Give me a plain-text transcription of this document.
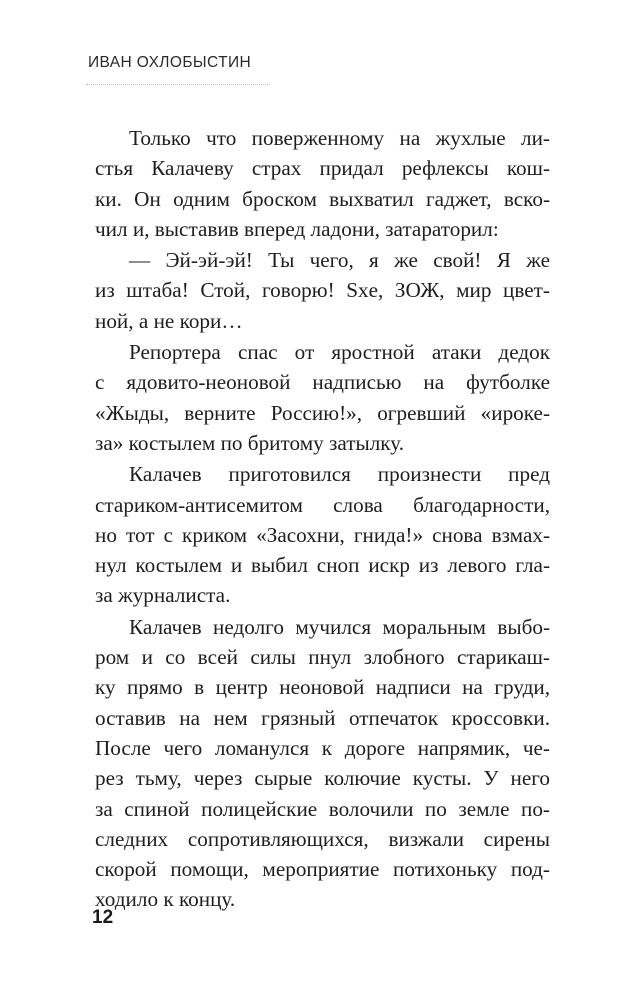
ИВАН ОХЛОБЫСТИН
Только что поверженному на жухлые ли-
стья Калачеву страх придал рефлексы кош-
ки. Он одним броском выхватил гаджет, вско-
чил и, выставив вперед ладони, затараторил:
— Эй-эй-эй! Ты чего, я же свой! Я же
из штаба! Стой, говорю! Sxe, ЗОЖ, мир цвет-
ной, а не кори…
Репортера спас от яростной атаки дедок
с ядовито-неоновой надписью на футболке
«Жыды, верните Россию!», огревший «ироке-
за» костылем по бритому затылку.
Калачев приготовился произнести пред
стариком-антисемитом слова благодарности,
но тот с криком «Засохни, гнида!» снова взмах-
нул костылем и выбил сноп искр из левого гла-
за журналиста.
Калачев недолго мучился моральным выбо-
ром и со всей силы пнул злобного старикаш-
ку прямо в центр неоновой надписи на груди,
оставив на нем грязный отпечаток кроссовки.
После чего ломанулся к дороге напрямик, че-
рез тьму, через сырые колючие кусты. У него
за спиной полицейские волочили по земле по-
следних сопротивляющихся, визжали сирены
скорой помощи, мероприятие потихоньку под-
ходило к концу.
12
